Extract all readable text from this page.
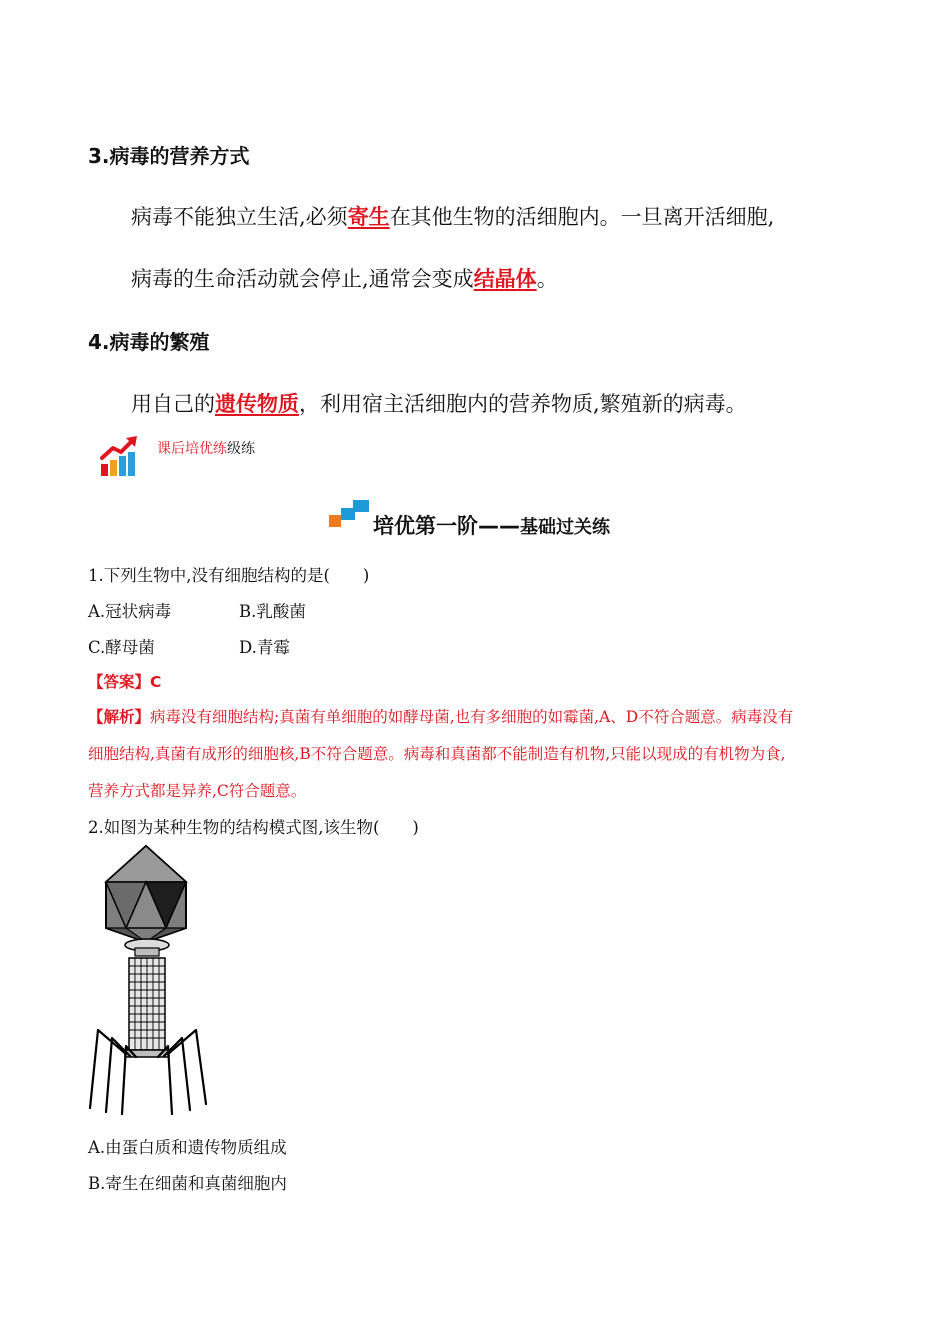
3.病毒的营养方式
病毒不能独立生活,必须寄生在其他生物的活细胞内。一旦离开活细胞,
病毒的生命活动就会停止,通常会变成结晶体。
4.病毒的繁殖
用自己的遗传物质，利用宿主活细胞内的营养物质,繁殖新的病毒。
课后培优练级练
培优第一阶——基础过关练
1.下列生物中,没有细胞结构的是(　　)
A.冠状病毒	B.乳酸菌
C.酵母菌	D.青霉
【答案】C
【解析】病毒没有细胞结构;真菌有单细胞的如酵母菌,也有多细胞的如霉菌,A、D不符合题意。病毒没有
细胞结构,真菌有成形的细胞核,B不符合题意。病毒和真菌都不能制造有机物,只能以现成的有机物为食,
营养方式都是异养,C符合题意。
2.如图为某种生物的结构模式图,该生物(　　)
A.由蛋白质和遗传物质组成
B.寄生在细菌和真菌细胞内
